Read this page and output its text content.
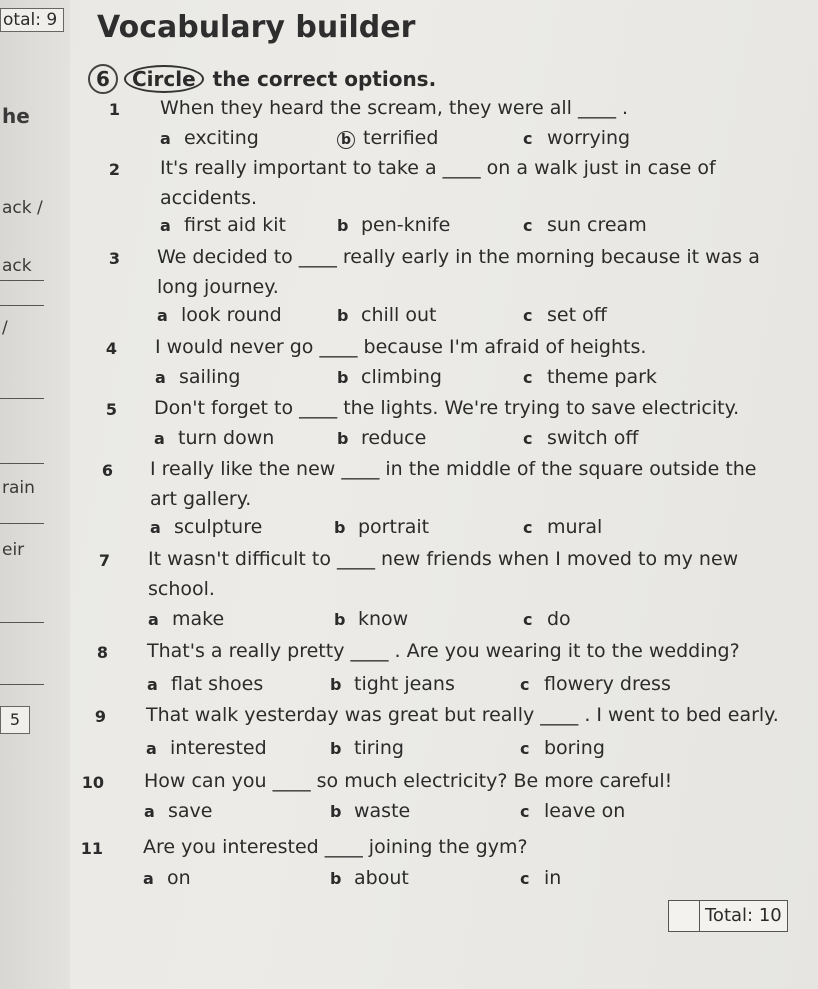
otal: 9
he
ack /
ack
/
rain
eir
5
Vocabulary builder
6 Circle the correct options.
1 When they heard the scream, they were all ____ .
a exciting	b terrified	c worrying
2 It's really important to take a ____ on a walk just in case of
accidents.
a first aid kit	b pen-knife	c sun cream
3 We decided to ____ really early in the morning because it was a
long journey.
a look round	b chill out	c set off
4 I would never go ____ because I'm afraid of heights.
a sailing	b climbing	c theme park
5 Don't forget to ____ the lights. We're trying to save electricity.
a turn down	b reduce	c switch off
6 I really like the new ____ in the middle of the square outside the
art gallery.
a sculpture	b portrait	c mural
7 It wasn't difficult to ____ new friends when I moved to my new
school.
a make	b know	c do
8 That's a really pretty ____ . Are you wearing it to the wedding?
a flat shoes	b tight jeans	c flowery dress
9 That walk yesterday was great but really ____ . I went to bed early.
a interested	b tiring	c boring
10 How can you ____ so much electricity? Be more careful!
a save	b waste	c leave on
11 Are you interested ____ joining the gym?
a on	b about	c in
Total: 10
